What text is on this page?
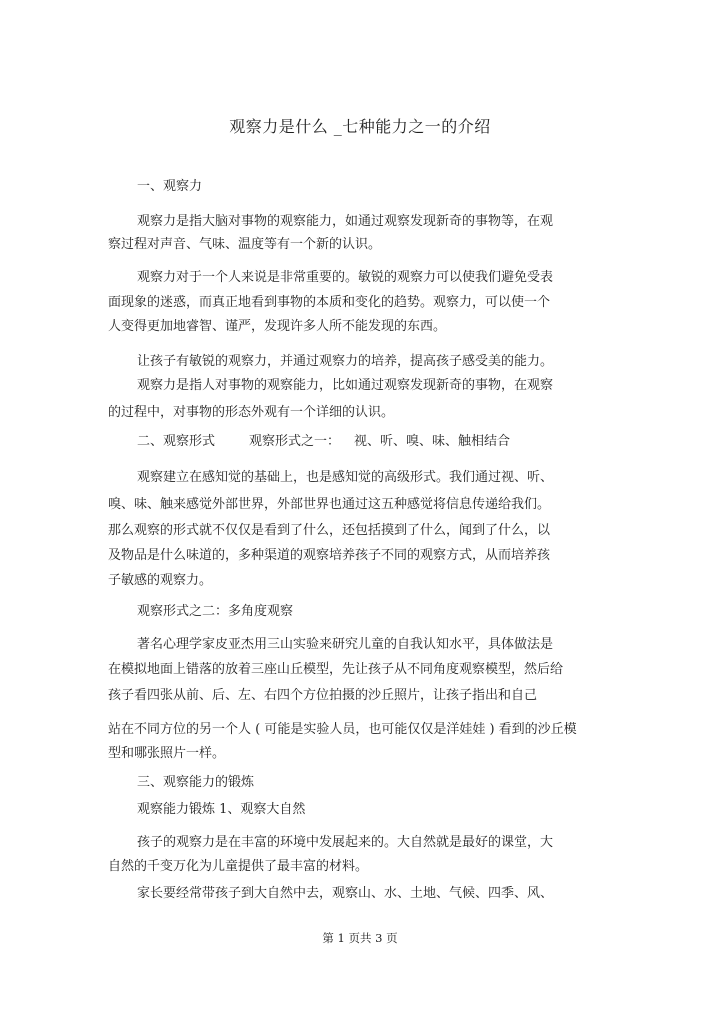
观察力是什么 _七种能力之一的介绍
一、观察力
观察力是指大脑对事物的观察能力，如通过观察发现新奇的事物等，在观
察过程对声音、气味、温度等有一个新的认识。
观察力对于一个人来说是非常重要的。敏锐的观察力可以使我们避免受表
面现象的迷惑，而真正地看到事物的本质和变化的趋势。观察力，可以使一个
人变得更加地睿智、谨严，发现许多人所不能发现的东西。
让孩子有敏锐的观察力，并通过观察力的培养，提高孩子感受美的能力。
观察力是指人对事物的观察能力，比如通过观察发现新奇的事物，在观察
的过程中，对事物的形态外观有一个详细的认识。
二、观察形式	观察形式之一： 视、听、嗅、味、触相结合
观察建立在感知觉的基础上，也是感知觉的高级形式。我们通过视、听、
嗅、味、触来感觉外部世界，外部世界也通过这五种感觉将信息传递给我们。
那么观察的形式就不仅仅是看到了什么，还包括摸到了什么，闻到了什么，以
及物品是什么味道的，多种渠道的观察培养孩子不同的观察方式，从而培养孩
子敏感的观察力。
观察形式之二：多角度观察
著名心理学家皮亚杰用三山实验来研究儿童的自我认知水平，具体做法是
在模拟地面上错落的放着三座山丘模型，先让孩子从不同角度观察模型，然后给
孩子看四张从前、后、左、右四个方位拍摄的沙丘照片，让孩子指出和自己
站在不同方位的另一个人 ( 可能是实验人员，也可能仅仅是洋娃娃 ) 看到的沙丘模
型和哪张照片一样。
三、观察能力的锻炼
观察能力锻炼 1、观察大自然
孩子的观察力是在丰富的环境中发展起来的。大自然就是最好的课堂，大
自然的千变万化为儿童提供了最丰富的材料。
家长要经常带孩子到大自然中去，观察山、水、土地、气候、四季、风、
第 1 页共 3 页
